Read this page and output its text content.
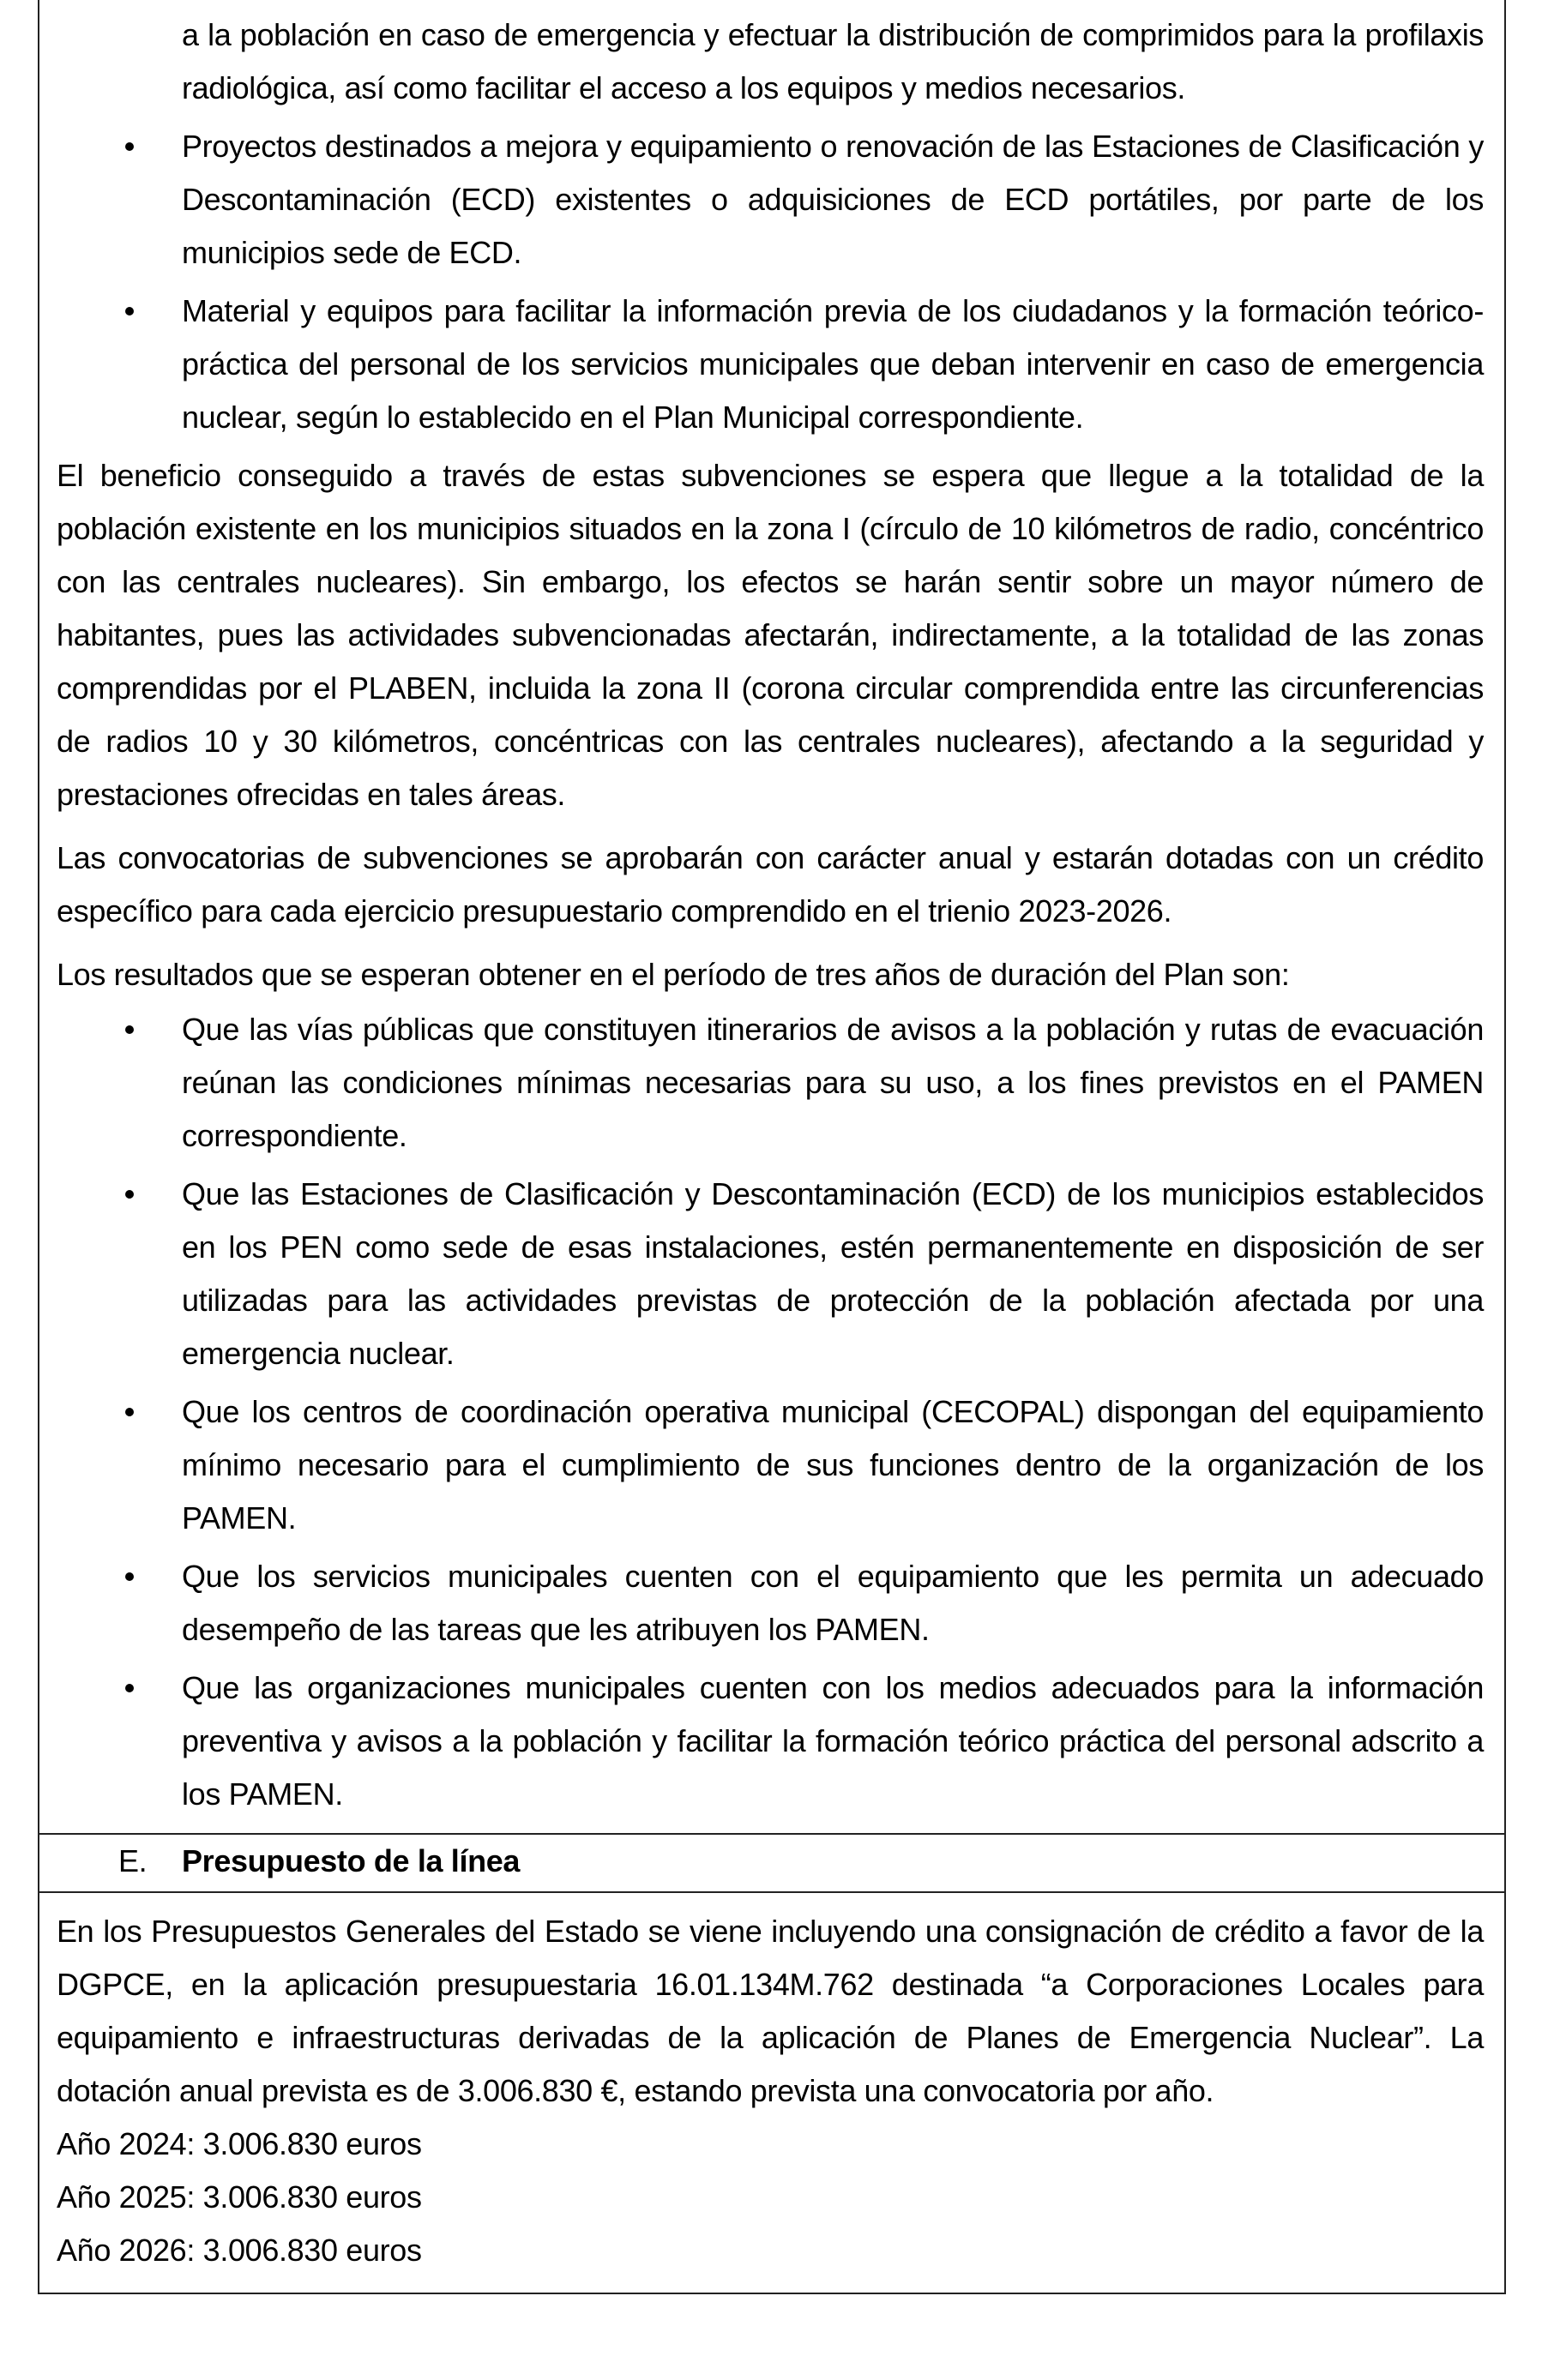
a la población en caso de emergencia y efectuar la distribución de comprimidos para la profilaxis radiológica, así como facilitar el acceso a los equipos y medios necesarios.

Proyectos destinados a mejora y equipamiento o renovación de las Estaciones de Clasificación y Descontaminación (ECD) existentes o adquisiciones de ECD portátiles, por parte de los municipios sede de ECD.
Material y equipos para facilitar la información previa de los ciudadanos y la formación teórico-práctica del personal de los servicios municipales que deban intervenir en caso de emergencia nuclear, según lo establecido en el Plan Municipal correspondiente.

El beneficio conseguido a través de estas subvenciones se espera que llegue a la totalidad de la población existente en los municipios situados en la zona I (círculo de 10 kilómetros de radio, concéntrico con las centrales nucleares). Sin embargo, los efectos se harán sentir sobre un mayor número de habitantes, pues las actividades subvencionadas afectarán, indirectamente, a la totalidad de las zonas comprendidas por el PLABEN, incluida la zona II (corona circular comprendida entre las circunferencias de radios 10 y 30 kilómetros, concéntricas con las centrales nucleares), afectando a la seguridad y prestaciones ofrecidas en tales áreas.

Las convocatorias de subvenciones se aprobarán con carácter anual y estarán dotadas con un crédito específico para cada ejercicio presupuestario comprendido en el trienio 2023-2026.

Los resultados que se esperan obtener en el período de tres años de duración del Plan son:

Que las vías públicas que constituyen itinerarios de avisos a la población y rutas de evacuación reúnan las condiciones mínimas necesarias para su uso, a los fines previstos en el PAMEN correspondiente.
Que las Estaciones de Clasificación y Descontaminación (ECD) de los municipios establecidos en los PEN como sede de esas instalaciones, estén permanentemente en disposición de ser utilizadas para las actividades previstas de protección de la población afectada por una emergencia nuclear.
Que los centros de coordinación operativa municipal (CECOPAL) dispongan del equipamiento mínimo necesario para el cumplimiento de sus funciones dentro de la organización de los PAMEN.
Que los servicios municipales cuenten con el equipamiento que les permita un adecuado desempeño de las tareas que les atribuyen los PAMEN.
Que las organizaciones municipales cuenten con los medios adecuados para la información preventiva y avisos a la población y facilitar la formación teórico práctica del personal adscrito a los PAMEN.
E.	Presupuesto de la línea

En los Presupuestos Generales del Estado se viene incluyendo una consignación de crédito a favor de la DGPCE, en la aplicación presupuestaria 16.01.134M.762 destinada “a Corporaciones Locales para equipamiento e infraestructuras derivadas de la aplicación de Planes de Emergencia Nuclear”. La dotación anual prevista es de 3.006.830 €, estando prevista una convocatoria por año.

Año 2024: 3.006.830 euros

Año 2025: 3.006.830 euros

Año 2026: 3.006.830 euros
